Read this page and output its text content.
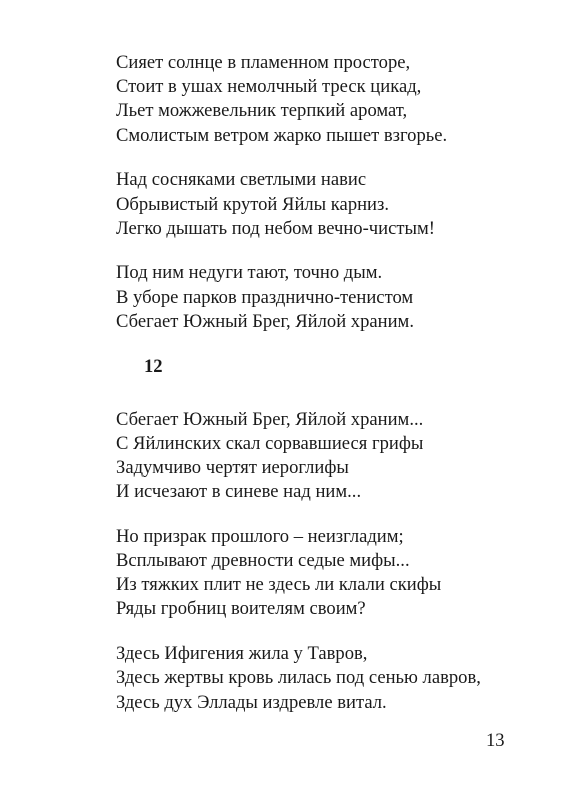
Сияет солнце в пламенном просторе,
Стоит в ушах немолчный треск цикад,
Льет можжевельник терпкий аромат,
Смолистым ветром жарко пышет взгорье.
Над сосняками светлыми навис
Обрывистый крутой Яйлы карниз.
Легко дышать под небом вечно-чистым!
Под ним недуги тают, точно дым.
В уборе парков празднично-тенистом
Сбегает Южный Брег, Яйлой храним.
12
Сбегает Южный Брег, Яйлой храним...
С Яйлинских скал сорвавшиеся грифы
Задумчиво чертят иероглифы
И исчезают в синеве над ним...
Но призрак прошлого – неизгладим;
Всплывают древности седые мифы...
Из тяжких плит не здесь ли клали скифы
Ряды гробниц воителям своим?
Здесь Ифигения жила у Тавров,
Здесь жертвы кровь лилась под сенью лавров,
Здесь дух Эллады издревле витал.
13
